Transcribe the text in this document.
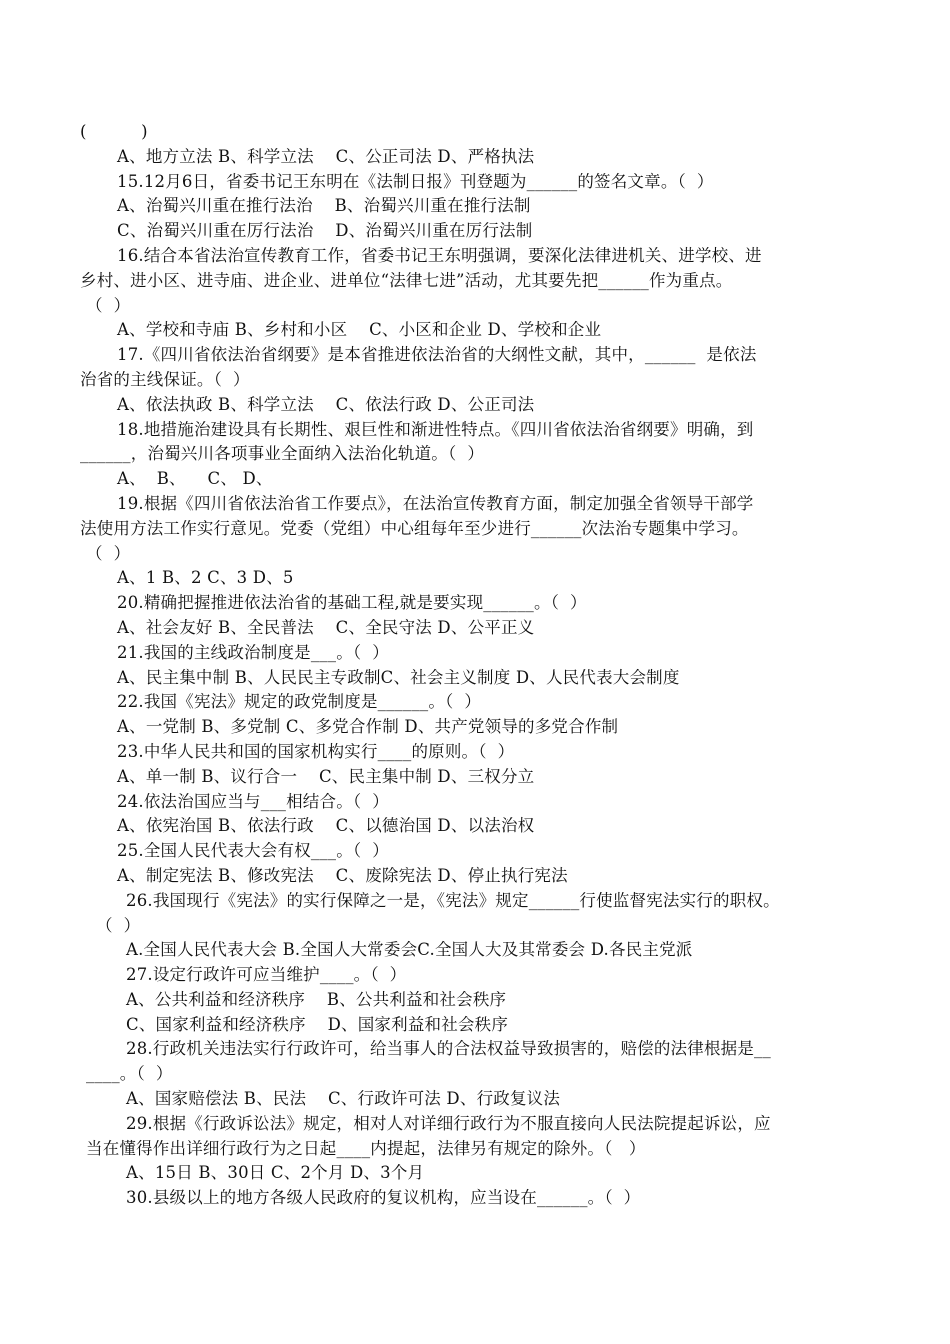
(          )
A、地方立法 B、科学立法    C、公正司法 D、严格执法
15.12月6日，省委书记王东明在《法制日报》刊登题为______的签名文章。（  ）
A、治蜀兴川重在推行法治    B、治蜀兴川重在推行法制
C、治蜀兴川重在厉行法治    D、治蜀兴川重在厉行法制
16.结合本省法治宣传教育工作，省委书记王东明强调，要深化法律进机关、进学校、进
乡村、进小区、进寺庙、进企业、进单位“法律七进”活动，尤其要先把______作为重点。
（  ）
A、学校和寺庙 B、乡村和小区    C、小区和企业 D、学校和企业
17.《四川省依法治省纲要》是本省推进依法治省的大纲性文献，其中，______  是依法
治省的主线保证。（  ）
A、依法执政 B、科学立法    C、依法行政 D、公正司法
18.地措施治建设具有长期性、艰巨性和渐进性特点。《四川省依法治省纲要》明确，到
______，治蜀兴川各项事业全面纳入法治化轨道。（  ）
A、  B、    C、 D、
19.根据《四川省依法治省工作要点》，在法治宣传教育方面，制定加强全省领导干部学
法使用方法工作实行意见。党委（党组）中心组每年至少进行______次法治专题集中学习。
（  ）
A、1 B、2 C、3 D、5
20.精确把握推进依法治省的基础工程,就是要实现______。（  ）
A、社会友好 B、全民普法    C、全民守法 D、公平正义
21.我国的主线政治制度是___。（  ）
A、民主集中制 B、人民民主专政制C、社会主义制度 D、人民代表大会制度
22.我国《宪法》规定的政党制度是______。（  ）
A、一党制 B、多党制 C、多党合作制 D、共产党领导的多党合作制
23.中华人民共和国的国家机构实行____的原则。（  ）
A、单一制 B、议行合一    C、民主集中制 D、三权分立
24.依法治国应当与___相结合。（  ）
A、依宪治国 B、依法行政    C、以德治国 D、以法治权
25.全国人民代表大会有权___。（  ）
A、制定宪法 B、修改宪法    C、废除宪法 D、停止执行宪法
26.我国现行《宪法》的实行保障之一是，《宪法》规定______行使监督宪法实行的职权。
（  ）
A.全国人民代表大会 B.全国人大常委会C.全国人大及其常委会 D.各民主党派
27.设定行政许可应当维护____。（  ）
A、公共利益和经济秩序    B、公共利益和社会秩序
C、国家利益和经济秩序    D、国家利益和社会秩序
28.行政机关违法实行行政许可，给当事人的合法权益导致损害的，赔偿的法律根据是__
____。（  ）
A、国家赔偿法 B、民法    C、行政许可法 D、行政复议法
29.根据《行政诉讼法》规定，相对人对详细行政行为不服直接向人民法院提起诉讼，应
当在懂得作出详细行政行为之日起____内提起，法律另有规定的除外。（   ）
A、15日 B、30日 C、2个月 D、3个月
30.县级以上的地方各级人民政府的复议机构，应当设在______。（  ）
